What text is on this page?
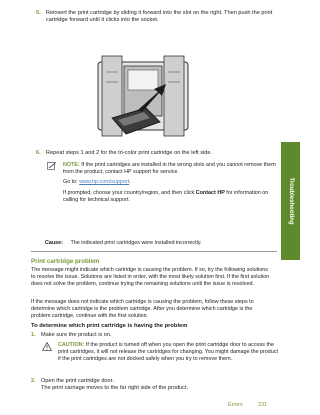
5. Reinsert the print cartridge by sliding it forward into the slot on the right. Then push the print cartridge forward until it clicks into the socket.
6. Repeat steps 1 and 2 for the tri-color print cartridge on the left side.
NOTE: If the print cartridges are installed in the wrong slots and you cannot remove them from the product, contact HP support for service.
Go to: www.hp.com/support.
If prompted, choose your country/region, and then click Contact HP for information on calling for technical support.
Cause: The indicated print cartridges were installed incorrectly.
Print cartridge problem
The message might indicate which cartridge is causing the problem. If so, try the following solutions to resolve the issue. Solutions are listed in order, with the most likely solution first. If the first solution does not solve the problem, continue trying the remaining solutions until the issue is resolved.
If the message does not indicate which cartridge is causing the problem, follow these steps to determine which cartridge is the problem cartridge. After you determine which cartridge is the problem cartridge, continue with the first solution.
To determine which print cartridge is having the problem
1. Make sure the product is on.
CAUTION: If the product is turned off when you open the print cartridge door to access the print cartridges, it will not release the cartridges for changing. You might damage the product if the print cartridges are not docked safely when you try to remove them.
2. Open the print cartridge door.
The print carriage moves to the far right side of the product.
Troubleshooting
Errors	231
